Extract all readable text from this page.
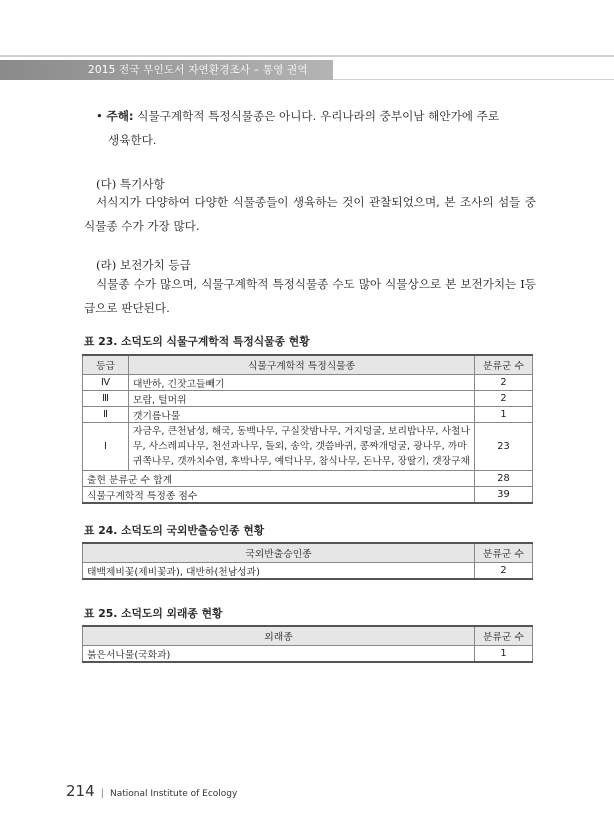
2015 전국 무인도서 자연환경조사 – 통영 권역
• 주해: 식물구계학적 특정식물종은 아니다. 우리나라의 중부이남 해안가에 주로
생육한다.
(다) 특기사항
서식지가 다양하여 다양한 식물종들이 생육하는 것이 관찰되었으며, 본 조사의 섬들 중 식물종 수가 가장 많다.
(라) 보전가치 등급
식물종 수가 많으며, 식물구계학적 특정식물종 수도 많아 식물상으로 본 보전가치는 I등급으로 판단된다.
표 23. 소덕도의 식물구계학적 특정식물종 현황
등급	식물구계학적 특정식물종	분류군 수
Ⅳ	대반하, 긴잣고들빼기	2
Ⅲ	모람, 털머위	2
Ⅱ	갯기름나물	1
Ⅰ	자금우, 큰천남성, 해국, 동백나무, 구실잣밤나무, 거지덩굴, 보리밥나무, 사철나
무, 사스레피나무, 천선과나무, 돌외, 송악, 갯씀바귀, 콩짜개덩굴, 광나무, 까마
귀쪽나무, 갯까치수염, 후박나무, 예덕나무, 참식나무, 돈나무, 장딸기, 갯장구채	23
출현 분류군 수 합계		28
식물구계학적 특정종 점수		39
표 24. 소덕도의 국외반출승인종 현황
국외반출승인종	분류군 수
태백제비꽃(제비꽃과), 대반하(천남성과)	2
표 25. 소덕도의 외래종 현황
외래종	분류군 수
붉은서나물(국화과)	1
214 | National Institute of Ecology
